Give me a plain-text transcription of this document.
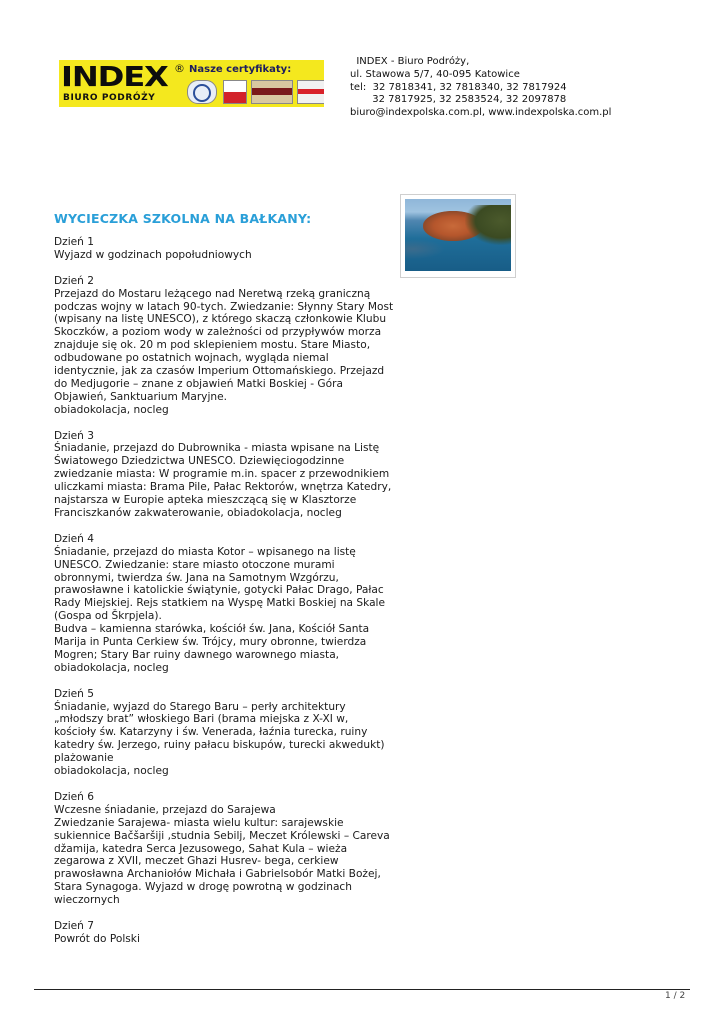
INDEX ®
BIURO PODRÓŻY
Nasze certyfikaty:
INDEX - Biuro Podróży,
ul. Stawowa 5/7, 40-095 Katowice
tel:  32 7818341, 32 7818340, 32 7817924
32 7817925, 32 2583524, 32 2097878
biuro@indexpolska.com.pl, www.indexpolska.com.pl
WYCIECZKA SZKOLNA NA BAŁKANY:
Dzień 1
Wyjazd w godzinach popołudniowych
Dzień 2
Przejazd do Mostaru leżącego nad Neretwą rzeką graniczną
podczas wojny w latach 90-tych. Zwiedzanie: Słynny Stary Most
(wpisany na listę UNESCO), z którego skaczą członkowie Klubu
Skoczków, a poziom wody w zależności od przypływów morza
znajduje się ok. 20 m pod sklepieniem mostu. Stare Miasto,
odbudowane po ostatnich wojnach, wygląda niemal
identycznie, jak za czasów Imperium Ottomańskiego. Przejazd
do Medjugorie – znane z objawień Matki Boskiej - Góra
Objawień, Sanktuarium Maryjne.
obiadokolacja, nocleg
Dzień 3
Śniadanie, przejazd do Dubrownika - miasta wpisane na Listę
Światowego Dziedzictwa UNESCO. Dziewięciogodzinne
zwiedzanie miasta: W programie m.in. spacer z przewodnikiem
uliczkami miasta: Brama Pile, Pałac Rektorów, wnętrza Katedry,
najstarsza w Europie apteka mieszczącą się w Klasztorze
Franciszkanów zakwaterowanie, obiadokolacja, nocleg
Dzień 4
Śniadanie, przejazd do miasta Kotor – wpisanego na listę
UNESCO. Zwiedzanie: stare miasto otoczone murami
obronnymi, twierdza św. Jana na Samotnym Wzgórzu,
prawosławne i katolickie świątynie, gotycki Pałac Drago, Pałac
Rady Miejskiej. Rejs statkiem na Wyspę Matki Boskiej na Skale
(Gospa od Škrpjela).
Budva – kamienna starówka, kościół św. Jana, Kościół Santa
Marija in Punta Cerkiew św. Trójcy, mury obronne, twierdza
Mogren; Stary Bar ruiny dawnego warownego miasta,
obiadokolacja, nocleg
Dzień 5
Śniadanie, wyjazd do Starego Baru – perły architektury
„młodszy brat” włoskiego Bari (brama miejska z X-XI w,
kościoły św. Katarzyny i św. Venerada, łaźnia turecka, ruiny
katedry św. Jerzego, ruiny pałacu biskupów, turecki akwedukt)
plażowanie
obiadokolacja, nocleg
Dzień 6
Wczesne śniadanie, przejazd do Sarajewa
Zwiedzanie Sarajewa- miasta wielu kultur: sarajewskie
sukiennice Bačšaršiji ,studnia Sebilj, Meczet Królewski – Careva
džamija, katedra Serca Jezusowego, Sahat Kula – wieża
zegarowa z XVII, meczet Ghazi Husrev- bega, cerkiew
prawosławna Archaniołów Michała i Gabrielsobór Matki Bożej,
Stara Synagoga. Wyjazd w drogę powrotną w godzinach
wieczornych
Dzień 7
Powrót do Polski
1 / 2
